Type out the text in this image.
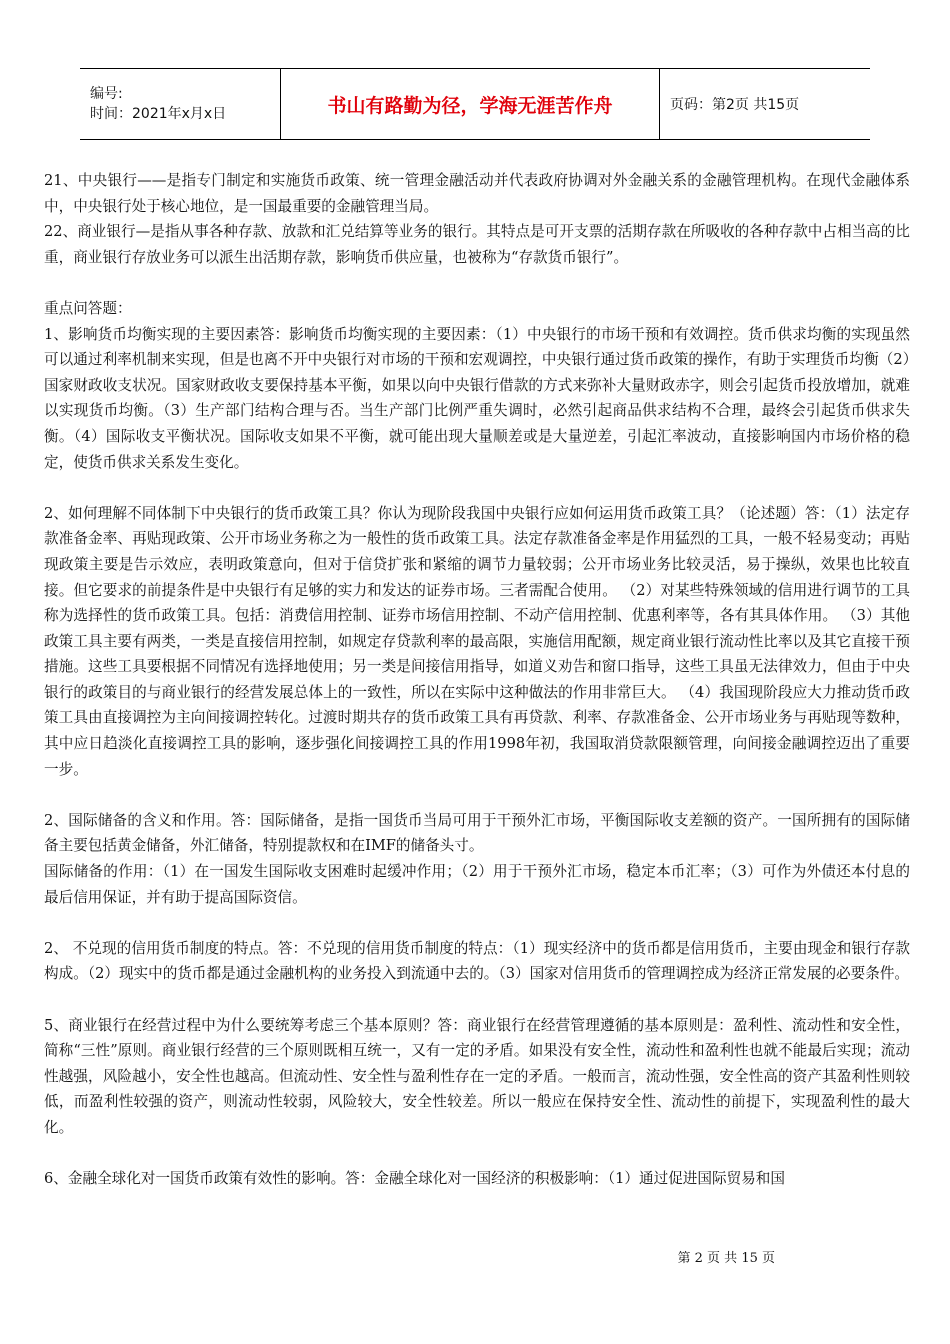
编号:
时间：2021年x月x日	书山有路勤为径，学海无涯苦作舟	页码：第2页 共15页

21、中央银行——是指专门制定和实施货币政策、统一管理金融活动并代表政府协调对外金融关系的金融管理机构。在现代金融体系中，中央银行处于核心地位，是一国最重要的金融管理当局。

22、商业银行—是指从事各种存款、放款和汇兑结算等业务的银行。其特点是可开支票的活期存款在所吸收的各种存款中占相当高的比重，商业银行存放业务可以派生出活期存款，影响货币供应量，也被称为“存款货币银行”。

重点问答题：

1、影响货币均衡实现的主要因素答：影响货币均衡实现的主要因素：（1）中央银行的市场干预和有效调控。货币供求均衡的实现虽然可以通过利率机制来实现，但是也离不开中央银行对市场的干预和宏观调控，中央银行通过货币政策的操作，有助于实理货币均衡（2）国家财政收支状况。国家财政收支要保持基本平衡，如果以向中央银行借款的方式来弥补大量财政赤字，则会引起货币投放增加，就难以实现货币均衡。（3）生产部门结构合理与否。当生产部门比例严重失调时，必然引起商品供求结构不合理，最终会引起货币供求失衡。（4）国际收支平衡状况。国际收支如果不平衡，就可能出现大量顺差或是大量逆差，引起汇率波动，直接影响国内市场价格的稳定，使货币供求关系发生变化。

2、如何理解不同体制下中央银行的货币政策工具？你认为现阶段我国中央银行应如何运用货币政策工具？（论述题）答：（1）法定存款准备金率、再贴现政策、公开市场业务称之为一般性的货币政策工具。法定存款准备金率是作用猛烈的工具，一般不轻易变动；再贴现政策主要是告示效应，表明政策意向，但对于信贷扩张和紧缩的调节力量较弱；公开市场业务比较灵活，易于操纵，效果也比较直接。但它要求的前提条件是中央银行有足够的实力和发达的证券市场。三者需配合使用。 （2）对某些特殊领域的信用进行调节的工具称为选择性的货币政策工具。包括：消费信用控制、证券市场信用控制、不动产信用控制、优惠利率等，各有其具体作用。 （3）其他政策工具主要有两类，一类是直接信用控制，如规定存贷款利率的最高限，实施信用配额，规定商业银行流动性比率以及其它直接干预措施。这些工具要根据不同情况有选择地使用；另一类是间接信用指导，如道义劝告和窗口指导，这些工具虽无法律效力，但由于中央银行的政策目的与商业银行的经营发展总体上的一致性，所以在实际中这种做法的作用非常巨大。 （4）我国现阶段应大力推动货币政策工具由直接调控为主向间接调控转化。过渡时期共存的货币政策工具有再贷款、利率、存款准备金、公开市场业务与再贴现等数种，其中应日趋淡化直接调控工具的影响，逐步强化间接调控工具的作用1998年初，我国取消贷款限额管理，向间接金融调控迈出了重要一步。

2、国际储备的含义和作用。答：国际储备，是指一国货币当局可用于干预外汇市场，平衡国际收支差额的资产。一国所拥有的国际储备主要包括黄金储备，外汇储备，特别提款权和在IMF的储备头寸。

国际储备的作用：（1）在一国发生国际收支困难时起缓冲作用；（2）用于干预外汇市场，稳定本币汇率；（3）可作为外债还本付息的最后信用保证，并有助于提高国际资信。

2、 不兑现的信用货币制度的特点。答：不兑现的信用货币制度的特点：（1）现实经济中的货币都是信用货币，主要由现金和银行存款构成。（2）现实中的货币都是通过金融机构的业务投入到流通中去的。（3）国家对信用货币的管理调控成为经济正常发展的必要条件。

5、商业银行在经营过程中为什么要统筹考虑三个基本原则？答：商业银行在经营管理遵循的基本原则是：盈利性、流动性和安全性，简称“三性”原则。商业银行经营的三个原则既相互统一，又有一定的矛盾。如果没有安全性，流动性和盈利性也就不能最后实现；流动性越强，风险越小，安全性也越高。但流动性、安全性与盈利性存在一定的矛盾。一般而言，流动性强，安全性高的资产其盈利性则较低，而盈利性较强的资产，则流动性较弱，风险较大，安全性较差。所以一般应在保持安全性、流动性的前提下，实现盈利性的最大化。

6、金融全球化对一国货币政策有效性的影响。答：金融全球化对一国经济的积极影响：（1）通过促进国际贸易和国

第 2 页 共 15 页
